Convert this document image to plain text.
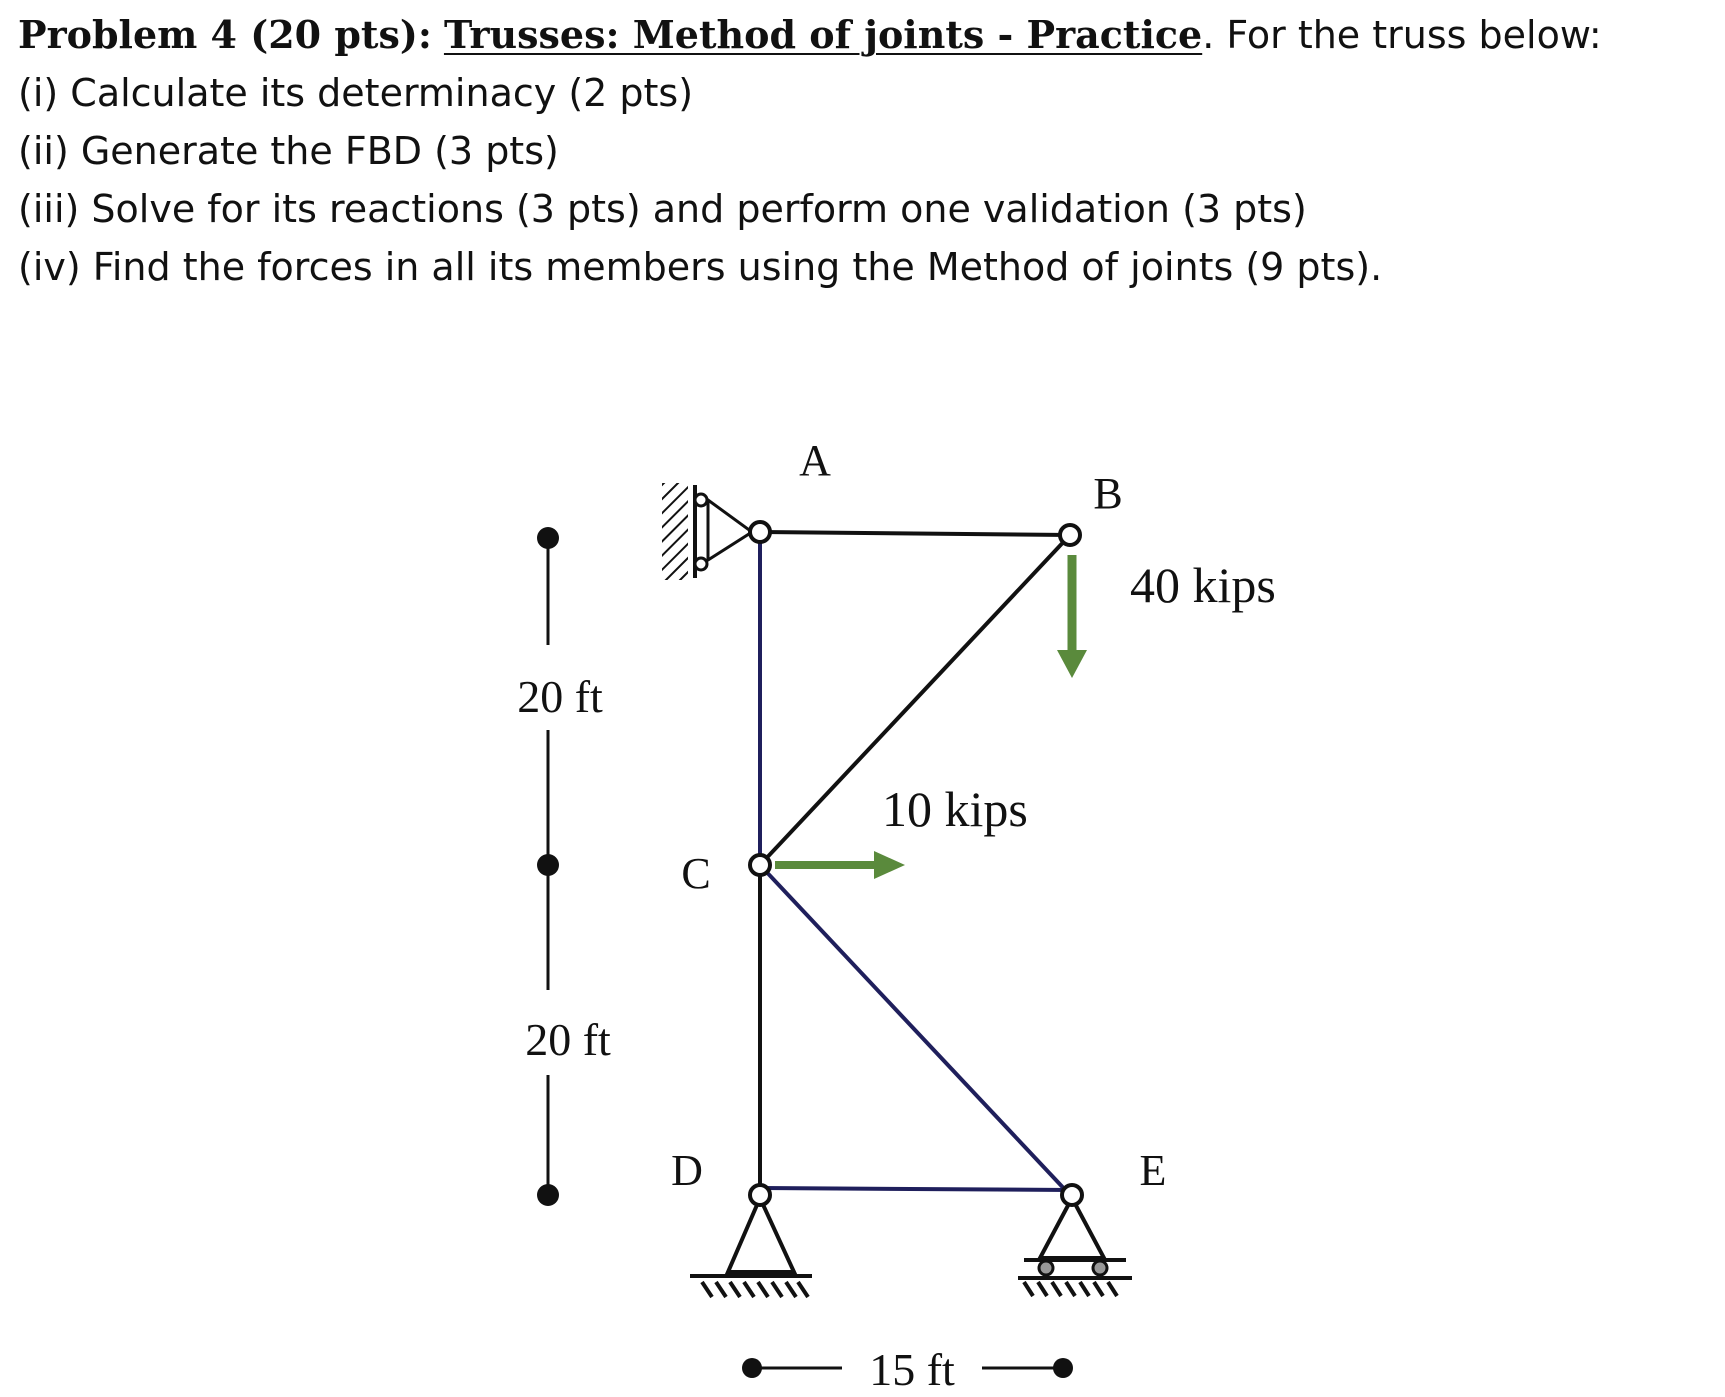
Problem 4 (20 pts): Trusses: Method of joints - Practice. For the truss below:
(i) Calculate its determinacy (2 pts)
(ii) Generate the FBD (3 pts)
(iii) Solve for its reactions (3 pts) and perform one validation (3 pts)
(iv) Find the forces in all its members using the Method of joints (9 pts).
20 ft
20 ft
15 ft
A
B
C
D	E
40 kips
10 kips
